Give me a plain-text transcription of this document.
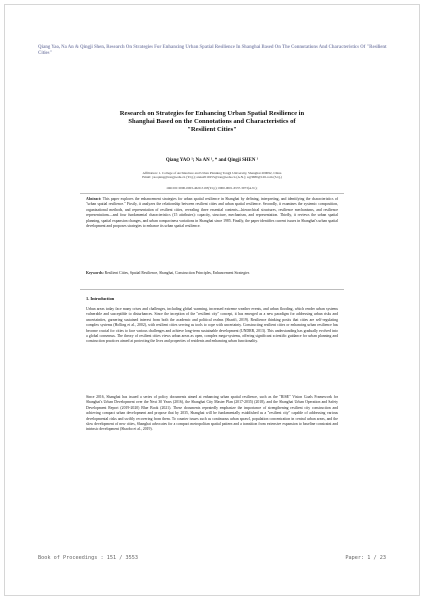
Qiang Yao, Na An & Qingji Shen, Research On Strategies For Enhancing Urban Spatial Resilience In Shanghai Based On The Connotations And Characteristics Of "Resilient Cities"
Research on Strategies for Enhancing Urban Spatial Resilience in
Shanghai Based on the Connotations and Characteristics of
"Resilient Cities"
Qiang YAO ¹; Na AN ¹, * and Qingji SHEN ¹
Affiliation: 1. College of Architecture and Urban Planning Tongji University, Shanghai 200092, China
Email: yaoqiang@tongji.edu.cn (Y.Q.); anna2010255@tongji.edu.cn (A.N.); sqj3680@126.com (S.Q.)
ORCID: 0000-0003-4620-5193(Y.Q.); 0000-0001-6537-3973(A.N.);
Abstract: This paper explores the enhancement strategies for urban spatial resilience in Shanghai by defining, interpreting, and identifying the characteristics of "urban spatial resilience." Firstly, it analyzes the relationship between resilient cities and urban spatial resilience. Secondly, it examines the systemic composition, organizational methods, and representation of resilient cities, revealing three essential contents—hierarchical structures, resilience mechanisms, and resilience representations—and four fundamental characteristics (15 attributes): capacity, structure, mechanism, and representation. Thirdly, it reviews the urban spatial planning, spatial expansion changes, and urban compactness variations in Shanghai since 1985. Finally, the paper identifies current issues in Shanghai's urban spatial development and proposes strategies to enhance its urban spatial resilience.
Keywords: Resilient Cities, Spatial Resilience, Shanghai, Construction Principles, Enhancement Strategies
1. Introduction
Urban areas today face many crises and challenges, including global warming, increased extreme weather events, and urban flooding, which render urban systems vulnerable and susceptible to disturbances. Since the inception of the "resilient city" concept, it has emerged as a new paradigm for addressing urban risks and uncertainties, garnering sustained interest from both the academic and political realms (Sharifi, 2019). Resilience thinking posits that cities are self-regulating complex systems (Holling et al., 2002), with resilient cities serving as tools to cope with uncertainty. Constructing resilient cities or enhancing urban resilience has become crucial for cities to face various challenges and achieve long-term sustainable development (UNDRR, 2013). This understanding has gradually evolved into a global consensus. The theory of resilient cities views urban areas as open, complex mega-systems, offering significant scientific guidance for urban planning and construction practices aimed at protecting the lives and properties of residents and enhancing urban functionality.
Since 2016, Shanghai has issued a series of policy documents aimed at enhancing urban spatial resilience, such as the "RISE" Vision Goals Framework for Shanghai's Urban Development over the Next 30 Years (2016), the Shanghai City Master Plan (2017-2035) (2018), and the Shanghai Urban Operation and Safety Development Report (2019-2020) Blue Book (2021). These documents repeatedly emphasize the importance of strengthening resilient city construction and achieving compact urban development and propose that by 2035, Shanghai will be fundamentally established as a "resilient city" capable of addressing various developmental risks and swiftly recovering from them. To counter issues such as continuous urban sprawl, population concentration in central urban areas, and the slow development of new cities, Shanghai advocates for a compact metropolitan spatial pattern and a transition from extensive expansion to baseline constraint and intrinsic development (Shaobo et al., 2019).
Book of Proceedings : 151 / 3553	Paper: 1 / 23
